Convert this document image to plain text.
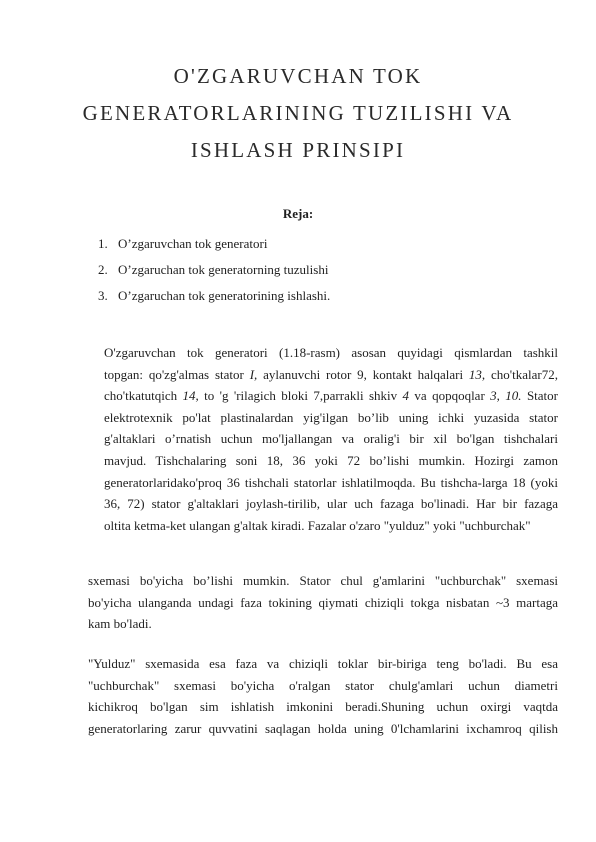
O'ZGARUVCHAN TOK
GENERATORLARINING TUZILISHI VA
ISHLASH PRINSIPI
Reja:
1. O’zgaruvchan tok generatori
2. O’zgaruchan tok generatorning tuzulishi
3. O’zgaruchan tok generatorining ishlashi.
O'zgaruvchan tok generatori (1.18-rasm) asosan quyidagi qismlardan tashkil
topgan: qo'zg'almas stator I, aylanuvchi rotor 9, kontakt halqalari 13, cho'tkalar72,
cho'tkatutqich 14, to 'g 'rilagich bloki 7,parrakli shkiv 4 va qopqoqlar 3, 10. Stator
elektrotexnik po'lat plastinalardan yig'ilgan bo’lib uning ichki yuzasida stator
g'altaklari o’rnatish uchun mo'ljallangan va oralig'i bir xil bo'lgan tishchalari
mavjud. Tishchalaring soni 18, 36 yoki 72 bo’lishi mumkin. Hozirgi zamon
generatorlaridako'proq 36 tishchali statorlar ishlatilmoqda. Bu tishcha-larga 18 (yoki
36, 72) stator g'altaklari joylash-tirilib, ular uch fazaga bo'linadi. Har bir fazaga
oltita ketma-ket ulangan g'altak kiradi. Fazalar o'zaro "yulduz" yoki "uchburchak"
sxemasi bo'yicha bo’lishi mumkin. Stator chul g'amlarini "uchburchak" sxemasi
bo'yicha ulanganda undagi faza tokining qiymati chiziqli tokga nisbatan ~3 martaga
kam bo'ladi.
"Yulduz" sxemasida esa faza va chiziqli toklar bir-biriga teng bo'ladi. Bu esa
"uchburchak" sxemasi bo'yicha o'ralgan stator chulg'amlari uchun diametri
kichikroq bo'lgan sim ishlatish imkonini beradi.Shuning uchun oxirgi vaqtda
generatorlaring zarur quvvatini saqlagan holda uning 0'lchamlarini ixchamroq qilish
